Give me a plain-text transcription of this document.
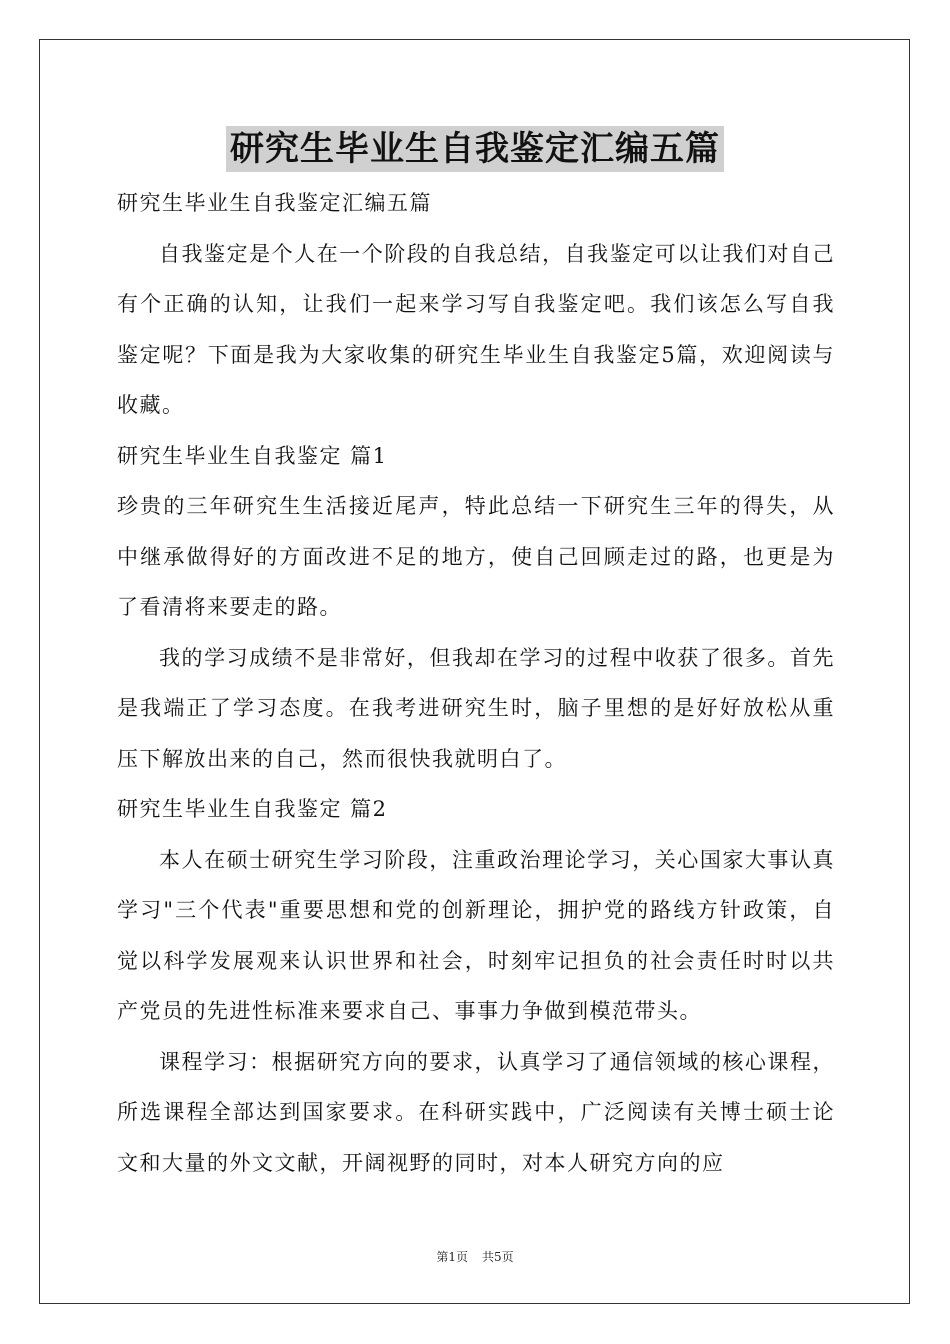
研究生毕业生自我鉴定汇编五篇

研究生毕业生自我鉴定汇编五篇

自我鉴定是个人在一个阶段的自我总结，自我鉴定可以让我们对自己有个正确的认知，让我们一起来学习写自我鉴定吧。我们该怎么写自我鉴定呢？下面是我为大家收集的研究生毕业生自我鉴定5篇，欢迎阅读与收藏。

研究生毕业生自我鉴定 篇1

珍贵的三年研究生生活接近尾声，特此总结一下研究生三年的得失，从中继承做得好的方面改进不足的地方，使自己回顾走过的路，也更是为了看清将来要走的路。

我的学习成绩不是非常好，但我却在学习的过程中收获了很多。首先是我端正了学习态度。在我考进研究生时，脑子里想的是好好放松从重压下解放出来的自己，然而很快我就明白了。

研究生毕业生自我鉴定 篇2

本人在硕士研究生学习阶段，注重政治理论学习，关心国家大事认真学习"三个代表"重要思想和党的创新理论，拥护党的路线方针政策，自觉以科学发展观来认识世界和社会，时刻牢记担负的社会责任时时以共产党员的先进性标准来要求自己、事事力争做到模范带头。

课程学习：根据研究方向的要求，认真学习了通信领域的核心课程，所选课程全部达到国家要求。在科研实践中，广泛阅读有关博士硕士论文和大量的外文文献，开阔视野的同时，对本人研究方向的应

第1页 共5页
